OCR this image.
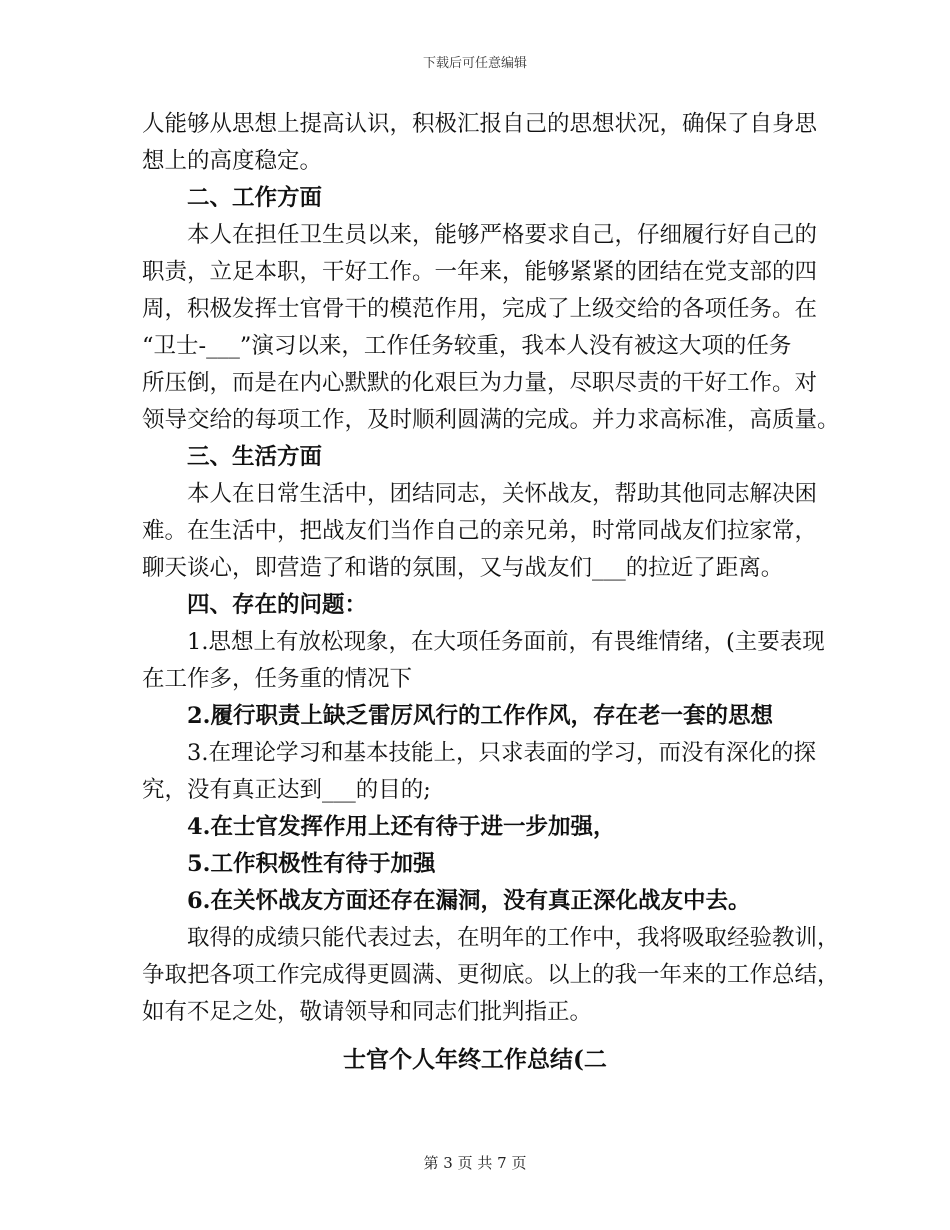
下载后可任意编辑
人能够从思想上提高认识，积极汇报自己的思想状况，确保了自身思
想上的高度稳定。
二、工作方面
本人在担任卫生员以来，能够严格要求自己，仔细履行好自己的
职责，立足本职，干好工作。一年来，能够紧紧的团结在党支部的四
周，积极发挥士官骨干的模范作用，完成了上级交给的各项任务。在
“卫士-___”演习以来，工作任务较重，我本人没有被这大项的任务
所压倒，而是在内心默默的化艰巨为力量，尽职尽责的干好工作。对
领导交给的每项工作，及时顺利圆满的完成。并力求高标准，高质量。
三、生活方面
本人在日常生活中，团结同志，关怀战友，帮助其他同志解决困
难。在生活中，把战友们当作自己的亲兄弟，时常同战友们拉家常，
聊天谈心，即营造了和谐的氛围，又与战友们___的拉近了距离。
四、存在的问题：
1.思想上有放松现象，在大项任务面前，有畏维情绪，(主要表现
在工作多，任务重的情况下
2.履行职责上缺乏雷厉风行的工作作风，存在老一套的思想
3.在理论学习和基本技能上，只求表面的学习，而没有深化的探
究，没有真正达到___的目的;
4.在士官发挥作用上还有待于进一步加强，
5.工作积极性有待于加强
6.在关怀战友方面还存在漏洞，没有真正深化战友中去。
取得的成绩只能代表过去，在明年的工作中，我将吸取经验教训，
争取把各项工作完成得更圆满、更彻底。以上的我一年来的工作总结，
如有不足之处，敬请领导和同志们批判指正。
士官个人年终工作总结(二
第 3 页 共 7 页
